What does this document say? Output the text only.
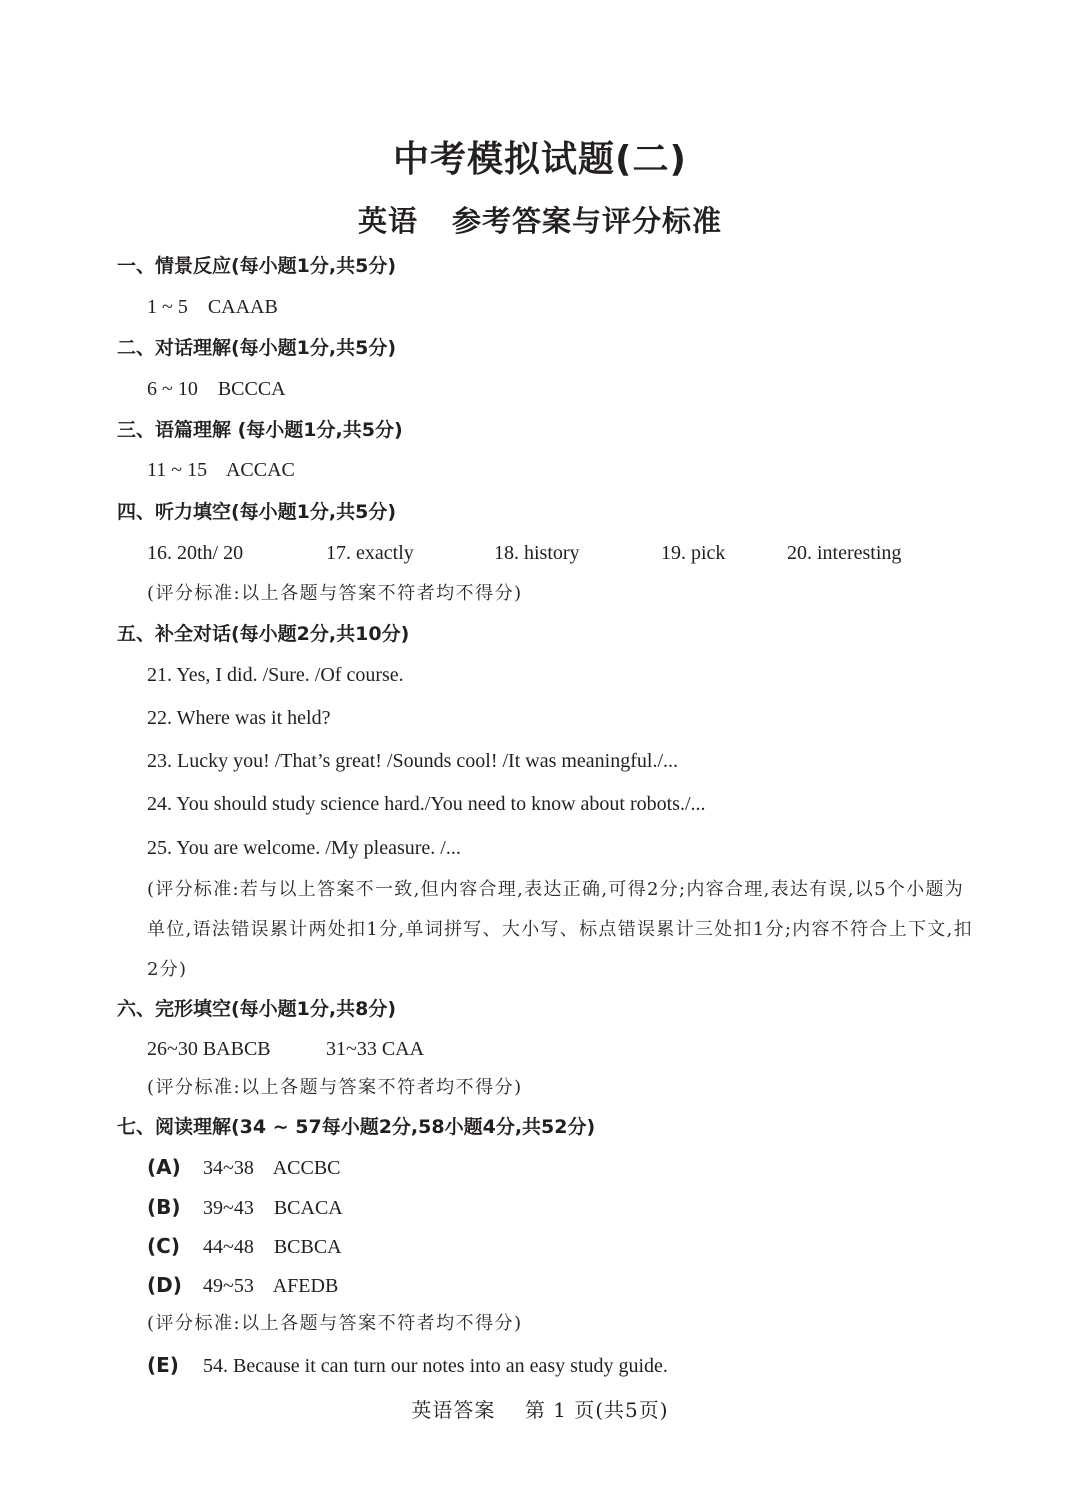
中考模拟试题(二)
英语 参考答案与评分标准
一、情景反应(每小题1分,共5分)
1 ~ 5    CAAAB
二、对话理解(每小题1分,共5分)
6 ~ 10    BCCCA
三、语篇理解 (每小题1分,共5分)
11 ~ 15    ACCAC
四、听力填空(每小题1分,共5分)
16. 20th/ 20	17. exactly	18. history	19. pick	20. interesting
(评分标准:以上各题与答案不符者均不得分)
五、补全对话(每小题2分,共10分)
21. Yes, I did. /Sure. /Of course.
22. Where was it held?
23. Lucky you! /That’s great! /Sounds cool! /It was meaningful./...
24. You should study science hard./You need to know about robots./...
25. You are welcome. /My pleasure. /...
(评分标准:若与以上答案不一致,但内容合理,表达正确,可得2分;内容合理,表达有误,以5个小题为单位,语法错误累计两处扣1分,单词拼写、大小写、标点错误累计三处扣1分;内容不符合上下文,扣2分)
六、完形填空(每小题1分,共8分)
26~30 BABCB	31~33 CAA
(评分标准:以上各题与答案不符者均不得分)
七、阅读理解(34 ~ 57每小题2分,58小题4分,共52分)
(A) 34~38    ACCBC
(B) 39~43    BCACA
(C) 44~48    BCBCA
(D) 49~53    AFEDB
(评分标准:以上各题与答案不符者均不得分)
(E) 54. Because it can turn our notes into an easy study guide.
英语答案    第 1 页(共5页)
